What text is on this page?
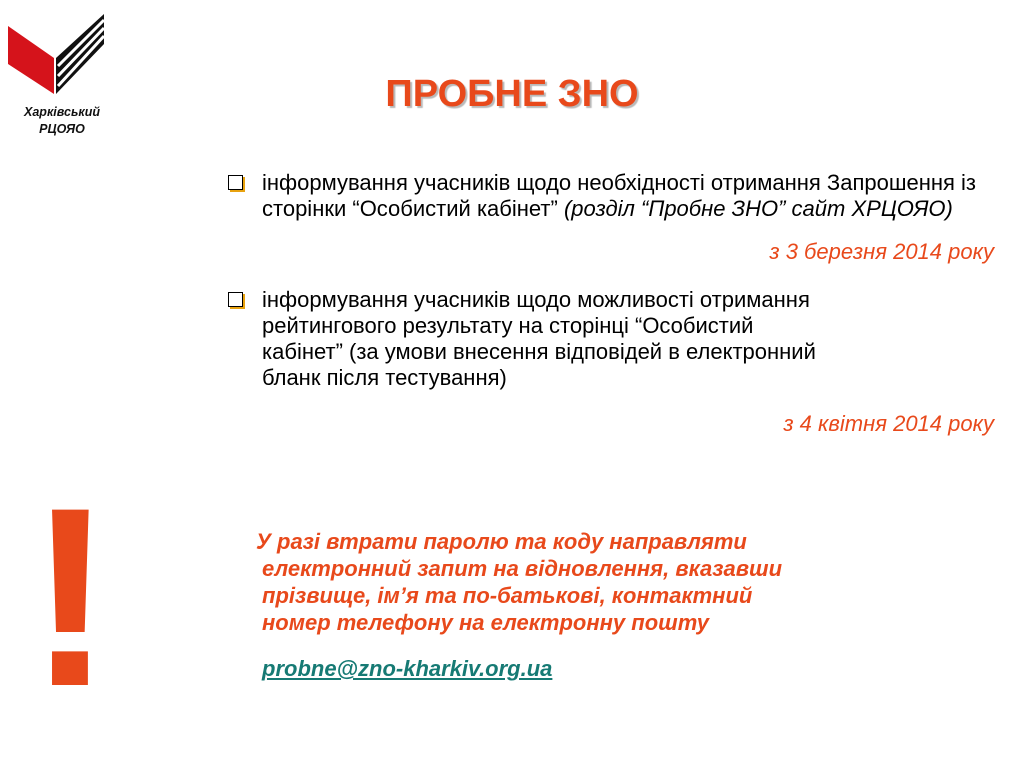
Харківський
РЦОЯО
ПРОБНЕ ЗНО
інформування учасників щодо необхідності отримання Запрошення із сторінки “Особистий кабінет” (розділ “Пробне ЗНО” сайт ХРЦОЯО)
з 3 березня 2014 року
інформування учасників щодо можливості отримання
рейтингового результату на сторінці “Особистий
кабінет” (за умови внесення відповідей в електронний
бланк після тестування)
з 4 квітня 2014 року
!	У разі втрати паролю та коду направляти
електронний запит на відновлення, вказавши
прізвище, ім’я та по-батькові, контактний
номер телефону на електронну пошту
probne@zno-kharkiv.org.ua
